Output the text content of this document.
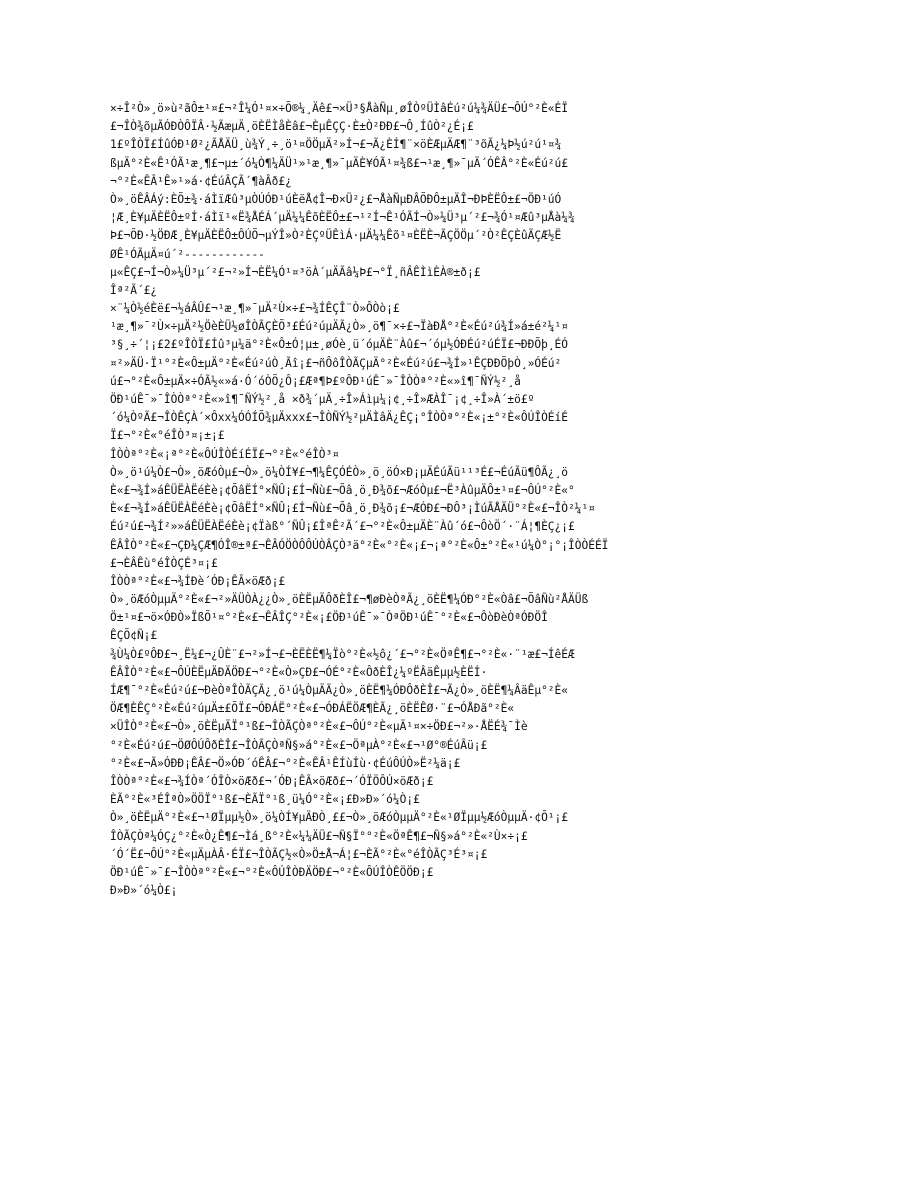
×÷Î²Ò»¸ö»ù²ãÔ±¹¤£¬²Î¼Ó¹¤×÷Õ®¼¸Äê£¬×Ü³§ÅàÑµ¸øÎÒºÜÌâÉú²ú¼¾ÄÜ£¬ÔÚ°²È«ÉÏ
£¬ÎÒ¾õµÃÓÐÒÔÏÂ·½ÃæµÄ¸öÈËÌåÈâ£¬ÈµÊÇÇ·È±Ò²ÐÐ£¬Ô¸ÍûÒ²¿É¡£
1£ºÎÒÏ£ÍûÓÐ¹Ø²¿ÃÅÄÜ¸ù¾Ý¸÷¸ö¹¤ÖÖµÄ²»Í¬£¬Ã¿ÈÍ¶¨×öÈÆµÄÆ¶¨³õÃ¿¼Þ½ú²ú¹¤¾
ßµÄ°²È«Ê¹ÓÃ¹æ¸¶£¬µ±´ó¼Ò¶¼ÄÜ¹»¹æ¸¶»¯µÄÈ¥ÓÃ¹¤¾ß£¬¹æ¸¶»¯µÄ´ÓÊÂ°²È«Éú²ú£
¬°²È«ÊÂ¹Ê»¹»á·¢ÉúÂÇÃ´¶àÂð£¿
Ò»¸öÊÂÁý:ÈÕ±¾·áÌïÆû³µÒÚÓÐ¹úÈëÅ¢Î¬Ð×Ü²¿£¬ÅàÑµÐÂÕÐÔ±µÄÎ¬ÐÞÈËÔ±£¬ÖÐ¹úÓ
¦Æ¸È¥µÄÈËÔ±ºÍ·áÌï¹«Ë¾ÅÉÁ´µÄ¼¼ÊõÈËÔ±£¬¹²Í¬Ê¹ÓÃÍ¬Ò»¼Ü³µ´²£¬¾Ó¹¤Æû³µÅà¼¾
Þ£¬ÕÐ·½ÖÐÆ¸È¥µÄÈËÔ±ÔÚÕ¬µÝÎ»Ò²ÈÇºÜÊìÁ·µÄ¼¼Êõ¹¤ÈËÈ¬ÃÇÖÖµ´²Ò²ÊÇÈûÃÇÆ½Ë
ØÊ¹ÓÃµÄ¤ú´²------------
µ«ÊÇ£¬Í¬Ò»¼Ü³µ´²£¬²»Í¬ÈË¼Ó¹¤³öÀ´µÄÃâ¼Þ£¬°Ï¸ñÂÊÌìÈÀ®±ð¡£
Îª²Ã´£¿
×¨¼Ò½éÈë£¬½áÂÛ£¬¹æ¸¶»¯µÄ²Ù×÷£¬¾ÍÊÇÎ¨Ò»ÔÒò¡£
¹æ¸¶»¯²Ù×÷µÄ²½ÖèÈÜ½øÎÒÃÇÈÕ³£Éú²úµÄÃ¿Ò»¸ö¶¯×÷£¬ÏàÐÅ°²È«Éú²ú¾Í»á±é²¼¹¤
³§¸÷´¦¡£2£ºÎÒÏ£Íû³µ¼ä°²È«Ô±Ó¦µ±¸øÓè¸ü´óµÄÈ¨Àû£¬´óµ½ÓÐÉú²úÉÏ£¬ÐÐÕþ¸ÉÓ
¤²»ÄÜ·Ï¹°²È«Ô±µÄ°²È«Éú²úÒ¸Ãî¡£¬ñÔôÎÒÃÇµÄ°²È«Éú²ú£¬¾Í»¹ÊÇÐÐÕþÒ¸»ÓÉú²
ú£¬°²È«Ô±µÄ×÷ÓÃ½«»á·Ó´óÒÕ¿Ô¡£Æª¶Þ£ºÔÐ¹úÊ¯»¯ÎÒÒª°²È«»î¶¯ÑÝ½²¸å
ÖÐ¹úÊ¯»¯ÎÒÒª°²È«»î¶¯ÑÝ½²¸å ×ð¾´µÄ¸÷Î»Áìµ¼¡¢¸÷Î»ÆÀÎ¯¡¢¸÷Î»À´±ö£º
´ó¼ÒºÃ£¬ÎÒÊÇÀ´×Ôxx¼ÓÓÍÕ¾µÄxxx£¬ÎÒÑÝ½²µÄÌâÄ¿ÊÇ¡°ÎÒÒª°²È«¡±°²È«ÔÚÎÒÉíÉ
Ï£¬°²È«°éÎÒ³¤¡±¡£
ÎÒÒª°²È«¡ª°²È«ÔÚÎÒÉíÉÏ£¬°²È«°éÎÒ³¤
Ò»¸ö¹ú¼Ò£¬Ò»¸öÆóÒµ£¬Ò»¸ö¼ÒÍ¥£¬¶¼ÊÇÓÉÒ»¸ö¸öÓ×Ð¡µÄÉúÃü¹¹³É£¬ÉúÃü¶ÔÃ¿¸ö
È«£¬¾Í»áÊÜËÀËéÈè¡¢ÕâËÍ°×ÑÛ¡£Í¬Ñù£¬Õâ¸ö¸Ð¾õ£¬ÆóÒµ£¬Ë³ÀûµÄÔ±¹¤£¬ÔÚ°²È«°
È«£¬¾Í»áÊÜËÀËéÈè¡¢ÕâËÍ°×ÑÛ¡£Í¬Ñù£¬Õâ¸ö¸Ð¾õ¡£¬ÆÓÐ£¬ÐÔ³¡ÌúÃÅÄÜ°²È«£¬ÎÒ²¼¹¤
Éú²ú£¬¾Í²»»áÊÜËÀËéÈè¡¢Ïàß°´ÑÛ¡£ÎªÊ²Ã´£¬°²È«Ô±µÄÈ¨Àû´ó£¬ÔòÖ´·¨Á¦¶ÈÇ¿¡£
ÊÂÎÒ°²È«£¬ÇÐ¼ÇÆ¶ÓÎ®±ª£¬ÊÂÓÖÒÔÔÚÒÂÇÒ³ä°²È«°²È«¡£¬¡ª°²È«Ô±°²È«¹ú¼Ò°¡°¡ÎÒÒÉÉÏ
£¬ÈÂÊù°éÎÒÇÉ³¤¡£
ÎÒÒª°²È«£¬¾ÍÐè´ÓÐ¡ÊÂ×öÆð¡£
Ò»¸öÆóÒµµÄ°²È«£¬²»ÄÜÒÀ¿¿Ò»¸öÈËµÄÔðÈÎ£¬¶øÐèÒªÃ¿¸öÈË¶¼ÓÐ°²È«Òâ£¬ÕâÑù²ÅÄÜß
Ö±¹¤£¬ö×ÓÐÒ»ÏßÕ¹¤°²È«£¬ÊÂÎÇ°²È«¡£ÖÐ¹úÊ¯»¯ÒªÖÐ¹úÊ¯°²È«£¬ÔòÐèÒªÓÐÖÎ
ÊÇÕ¢Ñ¡£
¾Ù¼Ò£ºÔÐ£¬¸Ë¼£¬¿ÛÈ¨£¬²»Í¬£¬ÈËÈË¶¼Ïò°²È«½ô¿´£¬°²È«ÖªÊ¶£¬°²È«·¨¹æ£¬ÍêÉÆ
ÊÂÎÒ°²È«£¬ÔÚÈËµÄÐÄÖÐ£¬°²È«Ò»ÇÐ£¬ÓÉ°²È«ÔðÈÎ¿¼ºËÂäÊµµ½ÈËÍ·
ÍÆ¶¯°²È«Éú²ú£¬ÐèÒªÎÒÃÇÃ¿¸ö¹ú¼ÒµÄÃ¿Ò»¸öÈË¶¼ÓÐÔðÈÎ£¬Ã¿Ò»¸öÈË¶¼ÂäÊµ°²È«
ÖÆ¶ÈÊÇ°²È«Éú²úµÄ±£ÕÏ£¬ÓÐÁË°²È«£¬ÓÐÁËÖÆ¶ÈÃ¿¸öÈËÊØ·¨£¬ÓÅÐã°²È«
×ÜÎÒ°²È«£¬Ò»¸öÈËµÄÏ°¹ß£¬ÎÒÃÇÒª°²È«£¬ÔÚ°²È«µÄ¹¤×÷ÖÐ£¬²»·ÅËÉ¾¯Ìè
°²È«Éú²ú£¬ÖØÔÚÔðÈÎ£¬ÎÒÃÇÒªÑ§»á°²È«£¬ÖªµÀ°²È«£¬¹Ø°®ÉúÃü¡£
°²È«£¬Ã»ÓÐÐ¡ÊÂ£¬Ö»ÓÐ´óÊÂ£¬°²È«ÊÂ¹ÊÍùÍù·¢ÉúÔÚÒ»Ë²¼ä¡£
ÎÒÒª°²È«£¬¾ÍÒª´ÓÎÒ×öÆð£¬´ÓÐ¡ÊÂ×öÆð£¬´ÓÏÖÔÚ×öÆð¡£
ÈÃ°²È«³ÉÎªÒ»ÖÖÏ°¹ß£¬ÈÃÏ°¹ß¸ü¼Ó°²È«¡£Ð»Ð»´ó¼Ò¡£
Ò»¸öÈËµÄ°²È«£¬¹ØÏµµ½Ò»¸ö¼ÒÍ¥µÄÐÒ¸££¬Ò»¸öÆóÒµµÄ°²È«¹ØÏµµ½ÆóÒµµÄ·¢Õ¹¡£
ÎÒÃÇÒª¼ÓÇ¿°²È«Ò¿Ê¶£¬Ìá¸ß°²È«¼¼ÄÜ£¬Ñ§Ï°°²È«ÖªÊ¶£¬Ñ§»á°²È«²Ù×÷¡£
´Ó´Ë£¬ÔÚ°²È«µÄµÀÂ·ÉÏ£¬ÎÒÃÇ½«Ò»Ö±Å¬Á¦£¬ÈÃ°²È«°éÎÒÃÇ³É³¤¡£
ÖÐ¹úÊ¯»¯£¬ÎÒÒª°²È«£¬°²È«ÔÚÎÒÐÄÖÐ£¬°²È«ÔÚÎÒÊÖÖÐ¡£
Ð»Ð»´ó¼Ò£¡
